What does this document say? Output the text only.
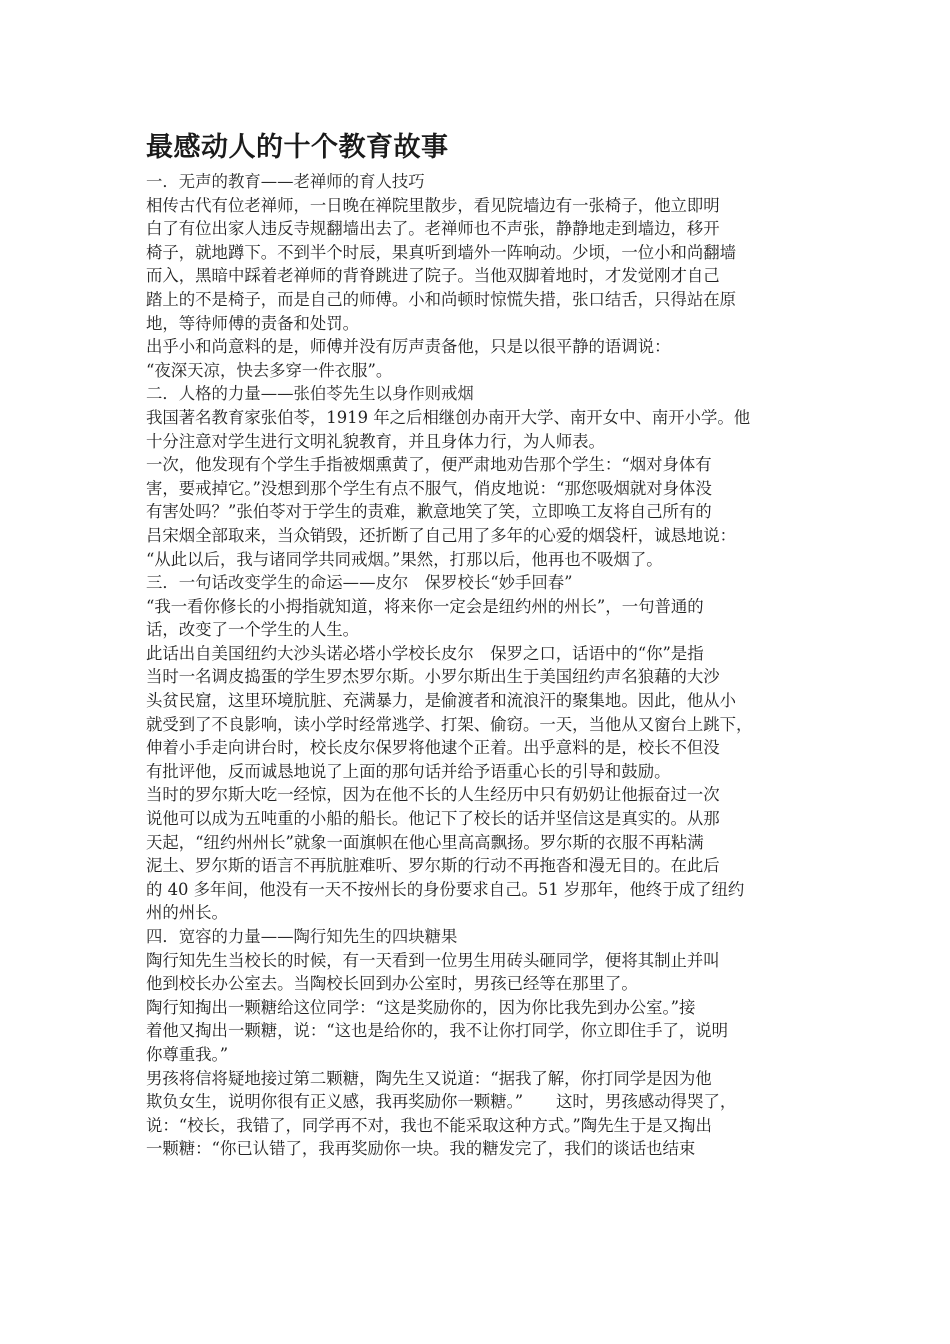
最感动人的十个教育故事
一．无声的教育——老禅师的育人技巧
相传古代有位老禅师，一日晚在禅院里散步，看见院墙边有一张椅子，他立即明
白了有位出家人违反寺规翻墙出去了。老禅师也不声张，静静地走到墙边，移开
椅子，就地蹲下。不到半个时辰，果真听到墙外一阵响动。少顷，一位小和尚翻墙
而入，黑暗中踩着老禅师的背脊跳进了院子。当他双脚着地时，才发觉刚才自己
踏上的不是椅子，而是自己的师傅。小和尚顿时惊慌失措，张口结舌，只得站在原
地，等待师傅的责备和处罚。
出乎小和尚意料的是，师傅并没有厉声责备他，只是以很平静的语调说：
“夜深天凉，快去多穿一件衣服”。
二．人格的力量——张伯苓先生以身作则戒烟
我国著名教育家张伯苓，1919 年之后相继创办南开大学、南开女中、南开小学。他
十分注意对学生进行文明礼貌教育，并且身体力行，为人师表。
一次，他发现有个学生手指被烟熏黄了，便严肃地劝告那个学生：“烟对身体有
害，要戒掉它。”没想到那个学生有点不服气，俏皮地说：“那您吸烟就对身体没
有害处吗？”张伯苓对于学生的责难，歉意地笑了笑，立即唤工友将自己所有的
吕宋烟全部取来，当众销毁，还折断了自己用了多年的心爱的烟袋杆，诚恳地说：
“从此以后，我与诸同学共同戒烟。”果然，打那以后，他再也不吸烟了。
三．一句话改变学生的命运——皮尔　保罗校长“妙手回春”
“我一看你修长的小拇指就知道，将来你一定会是纽约州的州长”，一句普通的
话，改变了一个学生的人生。
此话出自美国纽约大沙头诺必塔小学校长皮尔　保罗之口，话语中的“你”是指
当时一名调皮捣蛋的学生罗杰罗尔斯。小罗尔斯出生于美国纽约声名狼藉的大沙
头贫民窟，这里环境肮脏、充满暴力，是偷渡者和流浪汗的聚集地。因此，他从小
就受到了不良影响，读小学时经常逃学、打架、偷窃。一天，当他从又窗台上跳下，
伸着小手走向讲台时，校长皮尔保罗将他逮个正着。出乎意料的是，校长不但没
有批评他，反而诚恳地说了上面的那句话并给予语重心长的引导和鼓励。
当时的罗尔斯大吃一经惊，因为在他不长的人生经历中只有奶奶让他振奋过一次
说他可以成为五吨重的小船的船长。他记下了校长的话并坚信这是真实的。从那
天起，“纽约州州长”就象一面旗帜在他心里高高飘扬。罗尔斯的衣服不再粘满
泥土、罗尔斯的语言不再肮脏难听、罗尔斯的行动不再拖沓和漫无目的。在此后
的 40 多年间，他没有一天不按州长的身份要求自己。51 岁那年，他终于成了纽约
州的州长。
四．宽容的力量——陶行知先生的四块糖果
陶行知先生当校长的时候，有一天看到一位男生用砖头砸同学，便将其制止并叫
他到校长办公室去。当陶校长回到办公室时，男孩已经等在那里了。
陶行知掏出一颗糖给这位同学：“这是奖励你的，因为你比我先到办公室。”接
着他又掏出一颗糖，说：“这也是给你的，我不让你打同学，你立即住手了，说明
你尊重我。”
男孩将信将疑地接过第二颗糖，陶先生又说道：“据我了解，你打同学是因为他
欺负女生，说明你很有正义感，我再奖励你一颗糖。”　　这时，男孩感动得哭了，
说：“校长，我错了，同学再不对，我也不能采取这种方式。”陶先生于是又掏出
一颗糖：“你已认错了，我再奖励你一块。我的糖发完了，我们的谈话也结束
